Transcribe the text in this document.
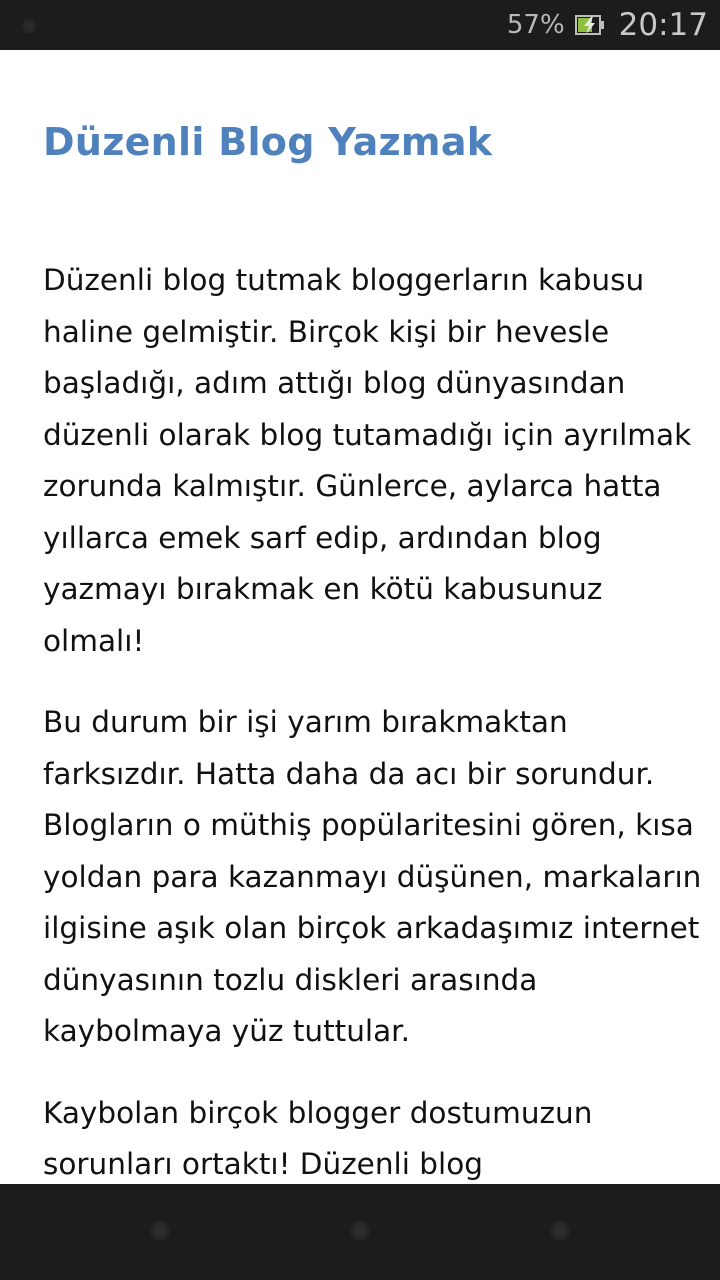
57% 20:17
Düzenli Blog Yazmak

Düzenli blog tutmak bloggerların kabusu haline gelmiştir. Birçok kişi bir hevesle başladığı, adım attığı blog dünyasından düzenli olarak blog tutamadığı için ayrılmak zorunda kalmıştır. Günlerce, aylarca hatta yıllarca emek sarf edip, ardından blog yazmayı bırakmak en kötü kabusunuz olmalı!

Bu durum bir işi yarım bırakmaktan farksızdır. Hatta daha da acı bir sorundur. Blogların o müthiş popülaritesini gören, kısa yoldan para kazanmayı düşünen, markaların ilgisine aşık olan birçok arkadaşımız internet dünyasının tozlu diskleri arasında kaybolmaya yüz tuttular.

Kaybolan birçok blogger dostumuzun sorunları ortaktı! Düzenli blog
